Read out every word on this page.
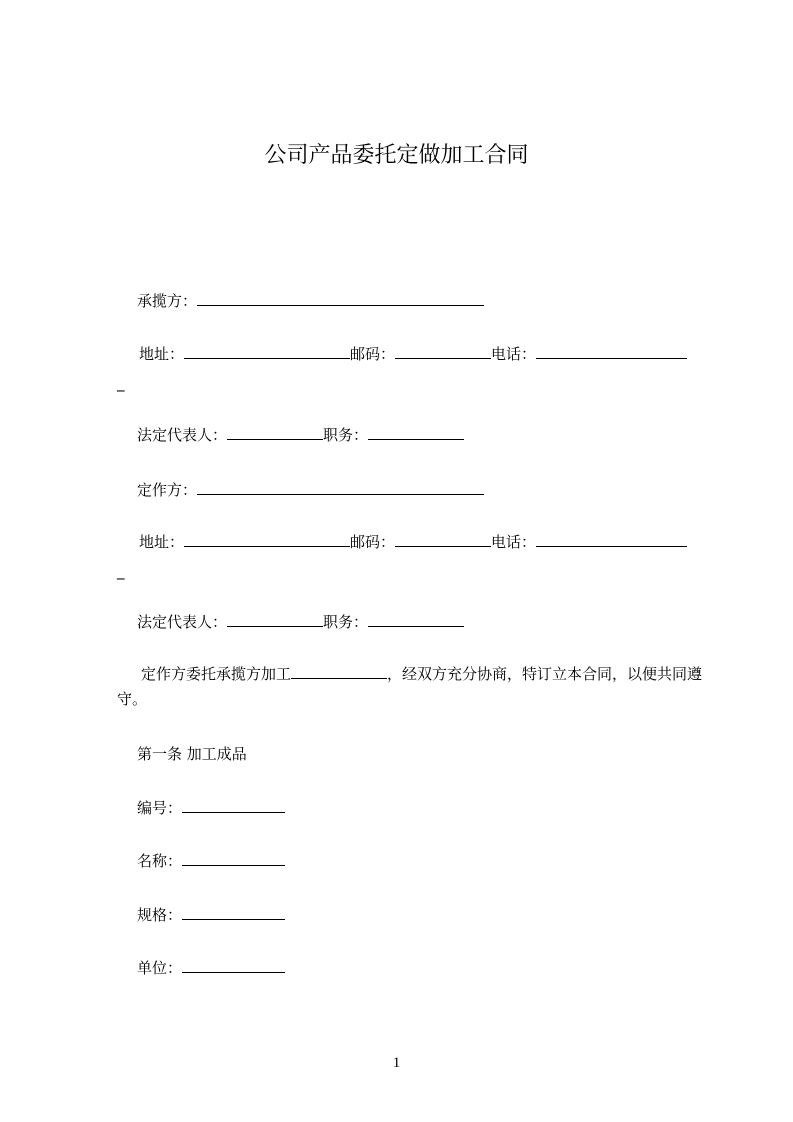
公司产品委托定做加工合同
承揽方：
地址：	邮码：	电话：
_
法定代表人：	职务：
定作方：
地址：	邮码：	电话：
_
法定代表人：	职务：
定作方委托承揽方加工	，经双方充分协商，特订立本合同，以便共同遵守。
第一条 加工成品
编号：
名称：
规格：
单位：
1
